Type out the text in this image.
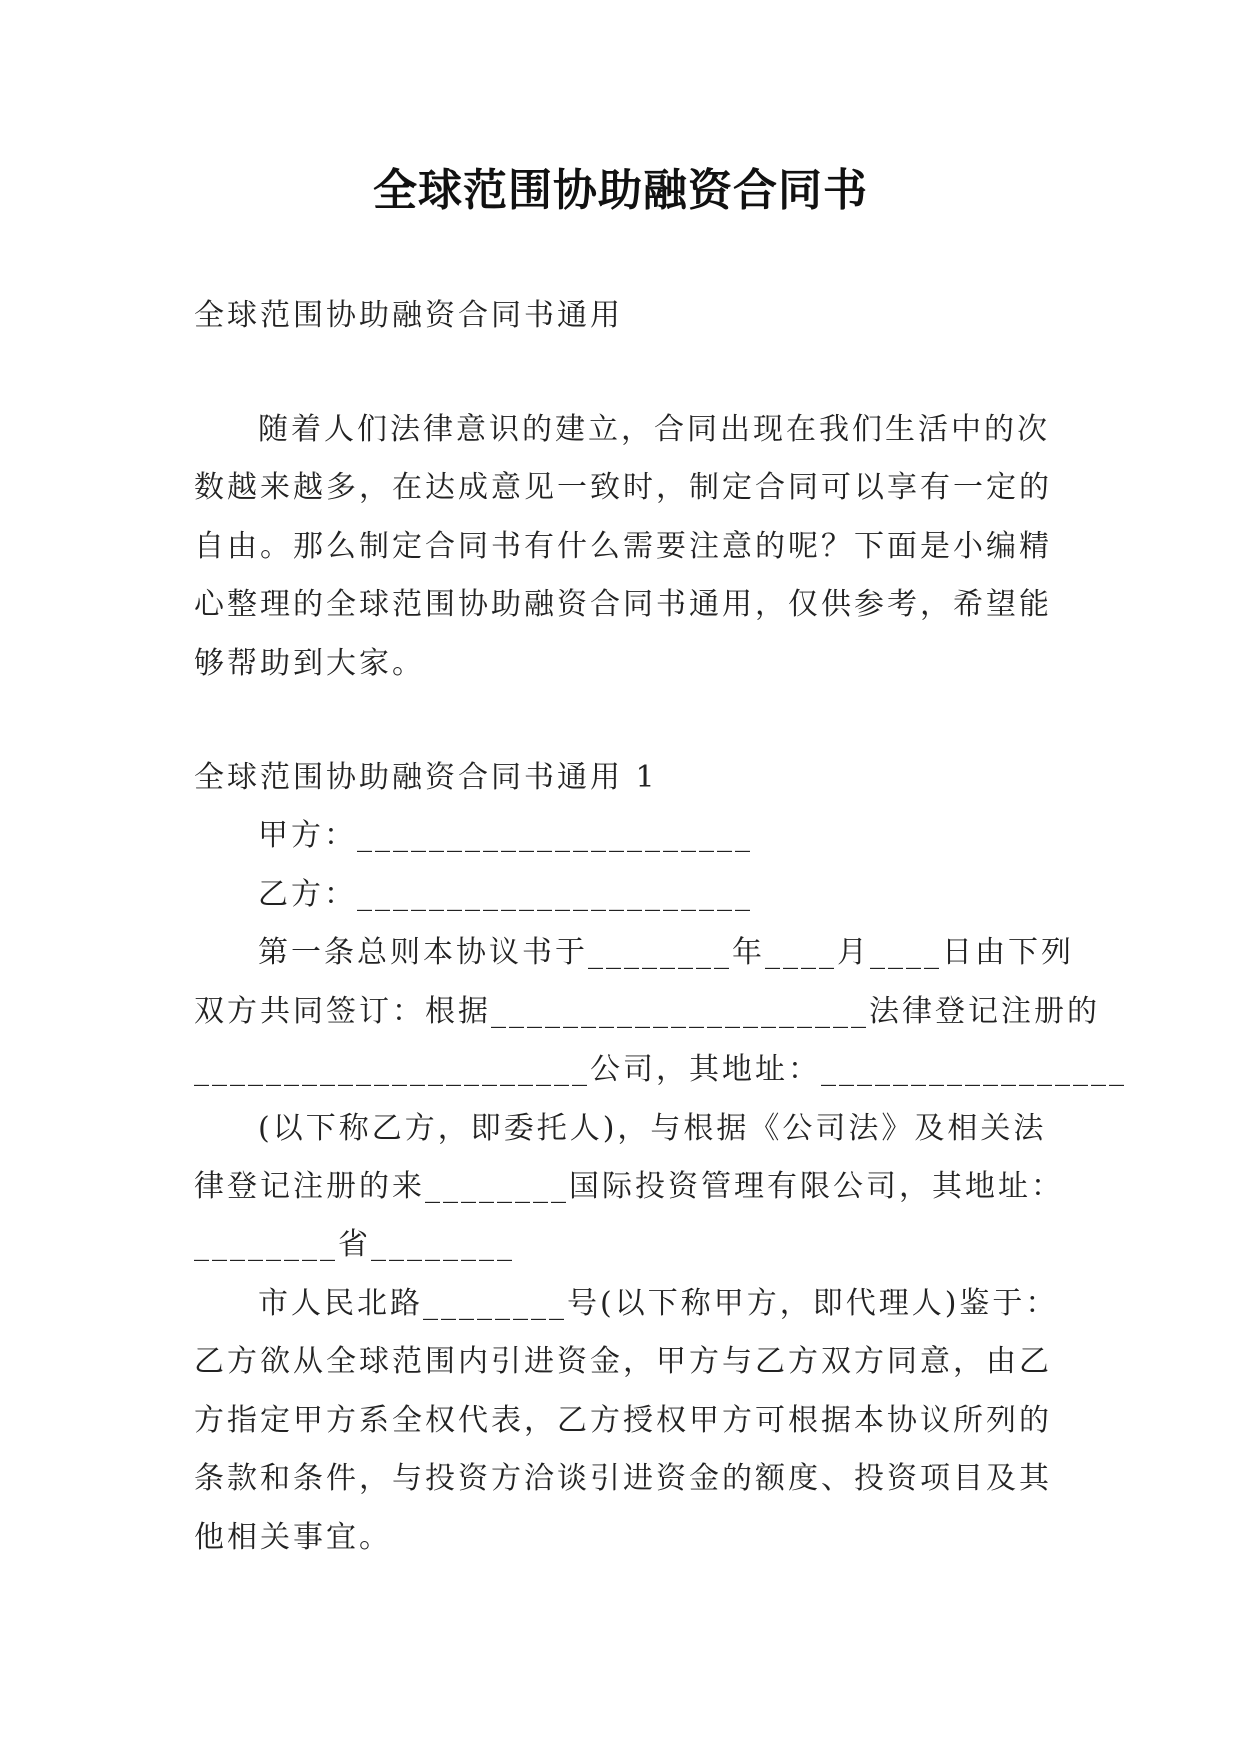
全球范围协助融资合同书
全球范围协助融资合同书通用
随着人们法律意识的建立，合同出现在我们生活中的次
数越来越多，在达成意见一致时，制定合同可以享有一定的
自由。那么制定合同书有什么需要注意的呢？下面是小编精
心整理的全球范围协助融资合同书通用，仅供参考，希望能
够帮助到大家。
全球范围协助融资合同书通用 1
甲方：______________________
乙方：______________________
第一条总则本协议书于________年____月____日由下列
双方共同签订：根据_____________________法律登记注册的
______________________公司，其地址：_________________
(以下称乙方，即委托人)，与根据《公司法》及相关法
律登记注册的来________国际投资管理有限公司，其地址：
________省________
市人民北路________号(以下称甲方，即代理人)鉴于：
乙方欲从全球范围内引进资金，甲方与乙方双方同意，由乙
方指定甲方系全权代表，乙方授权甲方可根据本协议所列的
条款和条件，与投资方洽谈引进资金的额度、投资项目及其
他相关事宜。
